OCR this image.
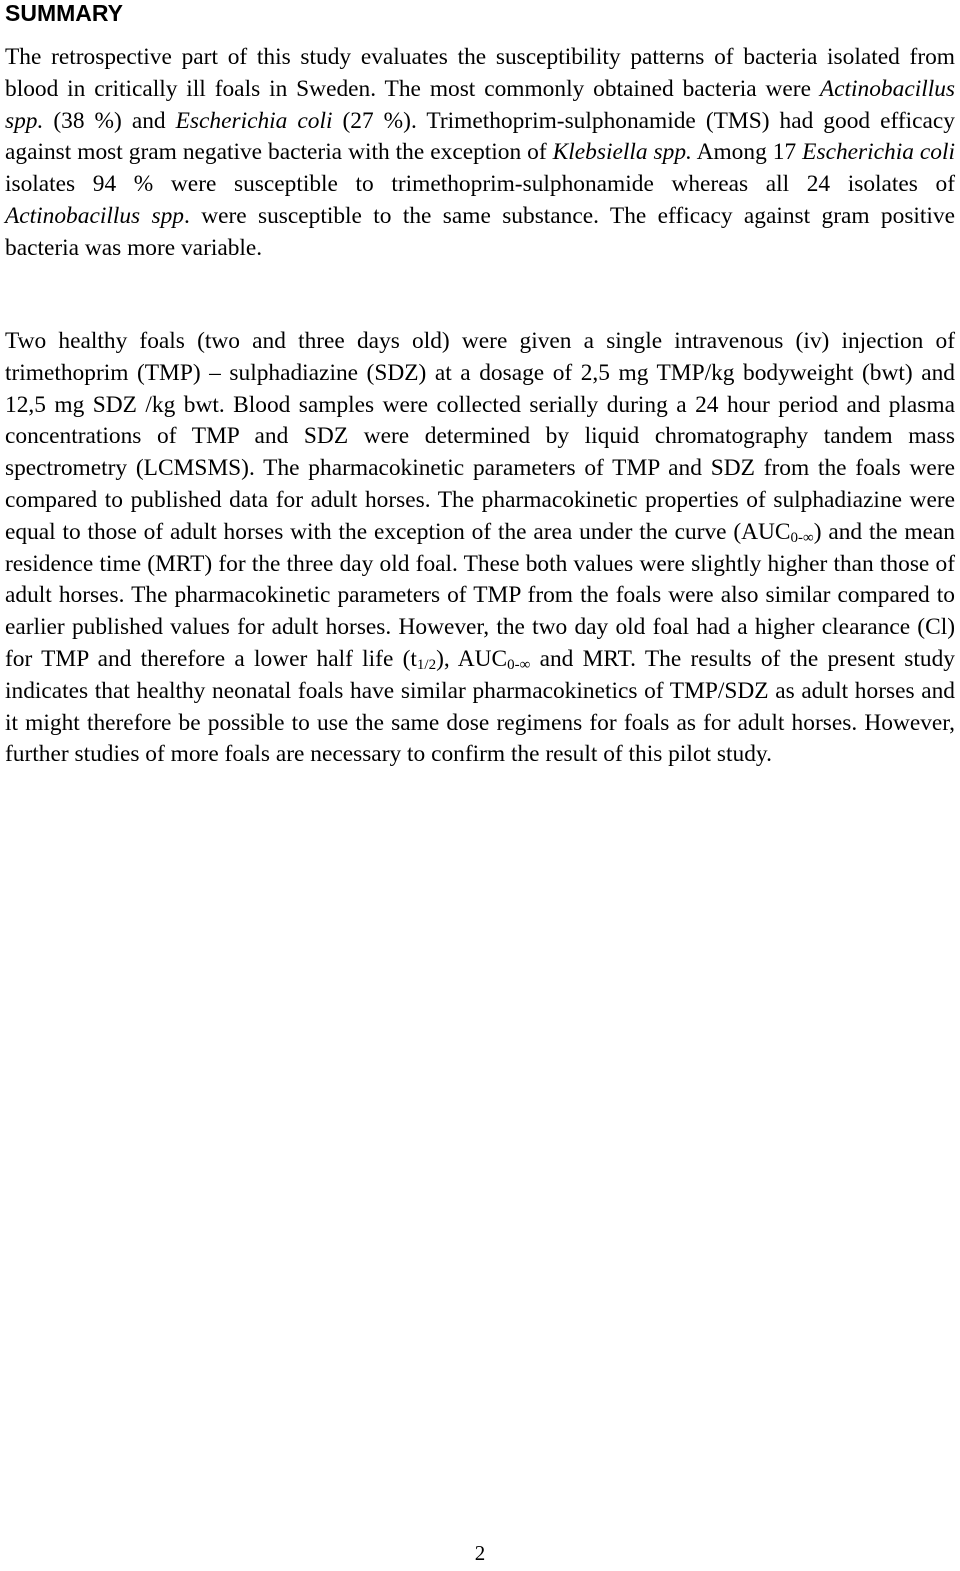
SUMMARY

The retrospective part of this study evaluates the susceptibility patterns of bacteria isolated from blood in critically ill foals in Sweden. The most commonly obtained bacteria were Actinobacillus spp. (38 %) and Escherichia coli (27 %). Trimethoprim-sulphonamide (TMS) had good efficacy against most gram negative bacteria with the exception of Klebsiella spp. Among 17 Escherichia coli isolates 94 % were susceptible to trimethoprim-sulphonamide whereas all 24 isolates of Actinobacillus spp. were susceptible to the same substance. The efficacy against gram positive bacteria was more variable.

Two healthy foals (two and three days old) were given a single intravenous (iv) injection of trimethoprim (TMP) – sulphadiazine (SDZ) at a dosage of 2,5 mg TMP/kg bodyweight (bwt) and 12,5 mg SDZ /kg bwt. Blood samples were collected serially during a 24 hour period and plasma concentrations of TMP and SDZ were determined by liquid chromatography tandem mass spectrometry (LCMSMS). The pharmacokinetic parameters of TMP and SDZ from the foals were compared to published data for adult horses. The pharmacokinetic properties of sulphadiazine were equal to those of adult horses with the exception of the area under the curve $(AUC_{0-\infty})$ and the mean residence time (MRT) for the three day old foal. These both values were slightly higher than those of adult horses. The pharmacokinetic parameters of TMP from the foals were also similar compared to earlier published values for adult horses. However, the two day old foal had a higher clearance (Cl) for TMP and therefore a lower half life $(t_{1/2})$, $AUC_{0-\infty}$ and MRT. The results of the present study indicates that healthy neonatal foals have similar pharmacokinetics of TMP/SDZ as adult horses and it might therefore be possible to use the same dose regimens for foals as for adult horses. However, further studies of more foals are necessary to confirm the result of this pilot study.

2
